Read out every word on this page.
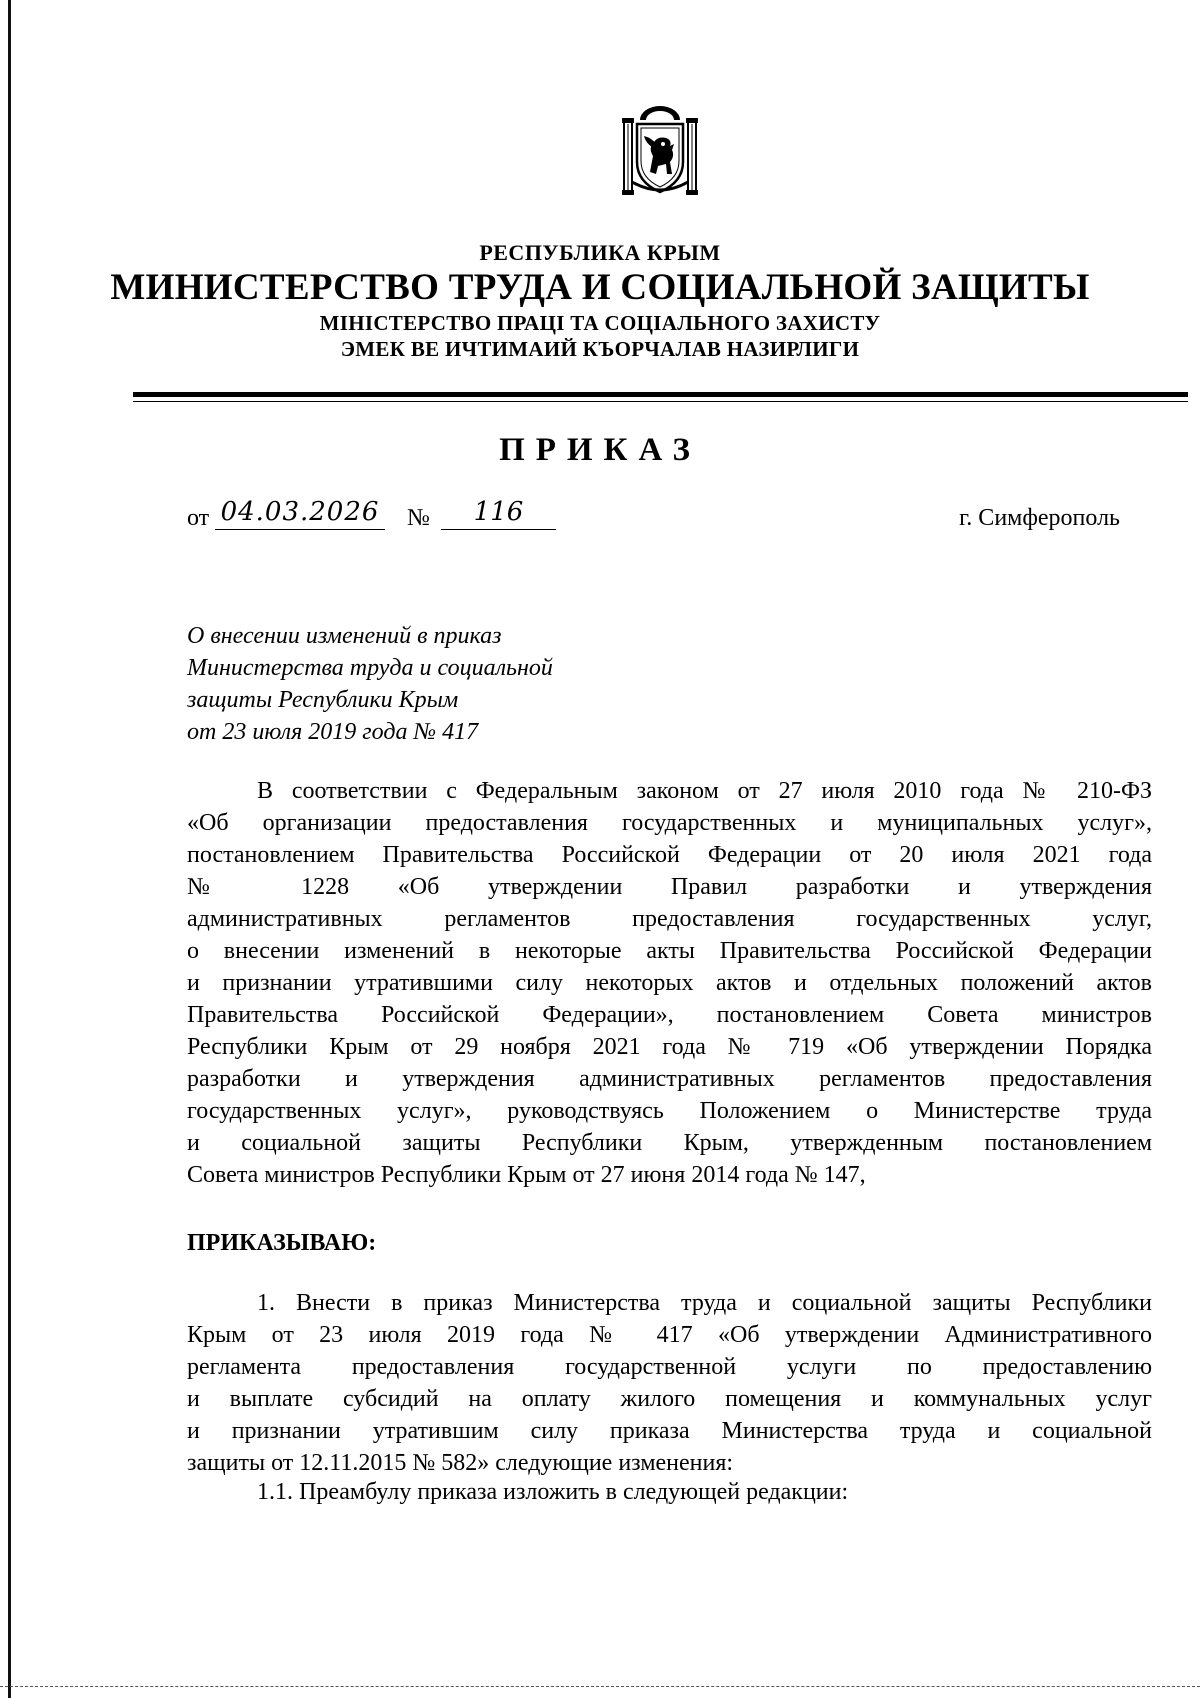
РЕСПУБЛИКА КРЫМ
МИНИСТЕРСТВО ТРУДА И СОЦИАЛЬНОЙ ЗАЩИТЫ
МІНІСТЕРСТВО ПРАЦІ ТА СОЦІАЛЬНОГО ЗАХИСТУ
ЭМЕК ВЕ ИЧТИМАИЙ КЪОРЧАЛАВ НАЗИРЛИГИ
ПРИКАЗ
от 04.03.2026 №	116	г. Симферополь
О внесении изменений в приказ
Министерства труда и социальной
защиты Республики Крым
от 23 июля 2019 года № 417
В соответствии с Федеральным законом от 27 июля 2010 года № 210-ФЗ
«Об организации предоставления государственных и муниципальных услуг»,
постановлением Правительства Российской Федерации от 20 июля 2021 года
№ 1228 «Об утверждении Правил разработки и утверждения
административных регламентов предоставления государственных услуг,
о внесении изменений в некоторые акты Правительства Российской Федерации
и признании утратившими силу некоторых актов и отдельных положений актов
Правительства Российской Федерации», постановлением Совета министров
Республики Крым от 29 ноября 2021 года № 719 «Об утверждении Порядка
разработки и утверждения административных регламентов предоставления
государственных услуг», руководствуясь Положением о Министерстве труда
и социальной защиты Республики Крым, утвержденным постановлением
Совета министров Республики Крым от 27 июня 2014 года № 147,
ПРИКАЗЫВАЮ:
1. Внести в приказ Министерства труда и социальной защиты Республики
Крым от 23 июля 2019 года № 417 «Об утверждении Административного
регламента предоставления государственной услуги по предоставлению
и выплате субсидий на оплату жилого помещения и коммунальных услуг
и признании утратившим силу приказа Министерства труда и социальной
защиты от 12.11.2015 № 582» следующие изменения:
1.1. Преамбулу приказа изложить в следующей редакции:
